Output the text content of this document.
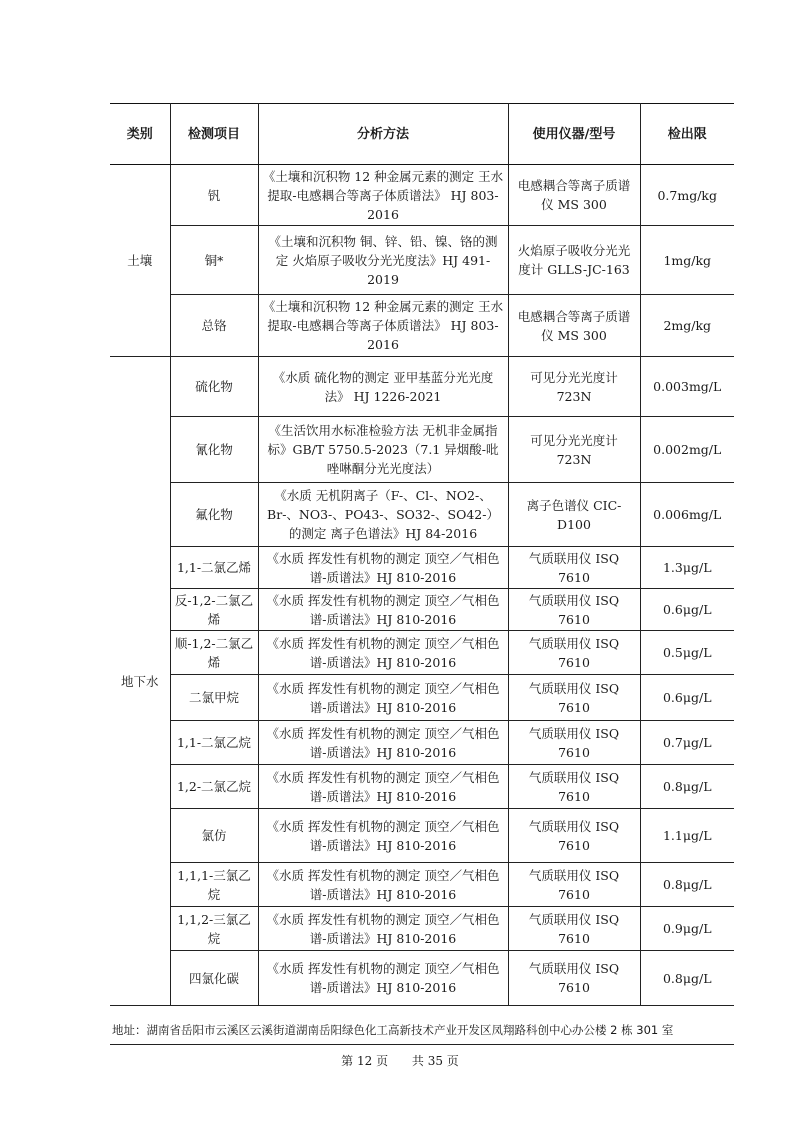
类别	检测项目	分析方法	使用仪器/型号	检出限
土壤	钒	《土壤和沉积物 12 种金属元素的测定 王水提取-电感耦合等离子体质谱法》 HJ 803-2016	电感耦合等离子质谱仪 MS 300	0.7mg/kg
	铜*	《土壤和沉积物 铜、锌、铅、镍、铬的测定 火焰原子吸收分光光度法》HJ 491-2019	火焰原子吸收分光光度计 GLLS-JC-163	1mg/kg
	总铬	《土壤和沉积物 12 种金属元素的测定 王水提取-电感耦合等离子体质谱法》 HJ 803-2016	电感耦合等离子质谱仪 MS 300	2mg/kg
地下水	硫化物	《水质 硫化物的测定 亚甲基蓝分光光度法》 HJ 1226-2021	可见分光光度计 723N	0.003mg/L
	氰化物	《生活饮用水标准检验方法 无机非金属指标》GB/T 5750.5-2023（7.1 异烟酸-吡唑啉酮分光光度法）	可见分光光度计 723N	0.002mg/L
	氟化物	《水质 无机阴离子（F-、Cl-、NO2-、Br-、NO3-、PO43-、SO32-、SO42-）的测定 离子色谱法》HJ 84-2016	离子色谱仪 CIC-D100	0.006mg/L
	1,1-二氯乙烯	《水质 挥发性有机物的测定 顶空／气相色谱-质谱法》HJ 810-2016	气质联用仪 ISQ 7610	1.3μg/L
	反-1,2-二氯乙烯	《水质 挥发性有机物的测定 顶空／气相色谱-质谱法》HJ 810-2016	气质联用仪 ISQ 7610	0.6μg/L
	顺-1,2-二氯乙烯	《水质 挥发性有机物的测定 顶空／气相色谱-质谱法》HJ 810-2016	气质联用仪 ISQ 7610	0.5μg/L
	二氯甲烷	《水质 挥发性有机物的测定 顶空／气相色谱-质谱法》HJ 810-2016	气质联用仪 ISQ 7610	0.6μg/L
	1,1-二氯乙烷	《水质 挥发性有机物的测定 顶空／气相色谱-质谱法》HJ 810-2016	气质联用仪 ISQ 7610	0.7μg/L
	1,2-二氯乙烷	《水质 挥发性有机物的测定 顶空／气相色谱-质谱法》HJ 810-2016	气质联用仪 ISQ 7610	0.8μg/L
	氯仿	《水质 挥发性有机物的测定 顶空／气相色谱-质谱法》HJ 810-2016	气质联用仪 ISQ 7610	1.1μg/L
	1,1,1-三氯乙烷	《水质 挥发性有机物的测定 顶空／气相色谱-质谱法》HJ 810-2016	气质联用仪 ISQ 7610	0.8μg/L
	1,1,2-三氯乙烷	《水质 挥发性有机物的测定 顶空／气相色谱-质谱法》HJ 810-2016	气质联用仪 ISQ 7610	0.9μg/L
	四氯化碳	《水质 挥发性有机物的测定 顶空／气相色谱-质谱法》HJ 810-2016	气质联用仪 ISQ 7610	0.8μg/L
地址：湖南省岳阳市云溪区云溪街道湖南岳阳绿色化工高新技术产业开发区凤翔路科创中心办公楼 2 栋 301 室
第 12 页 共 35 页
